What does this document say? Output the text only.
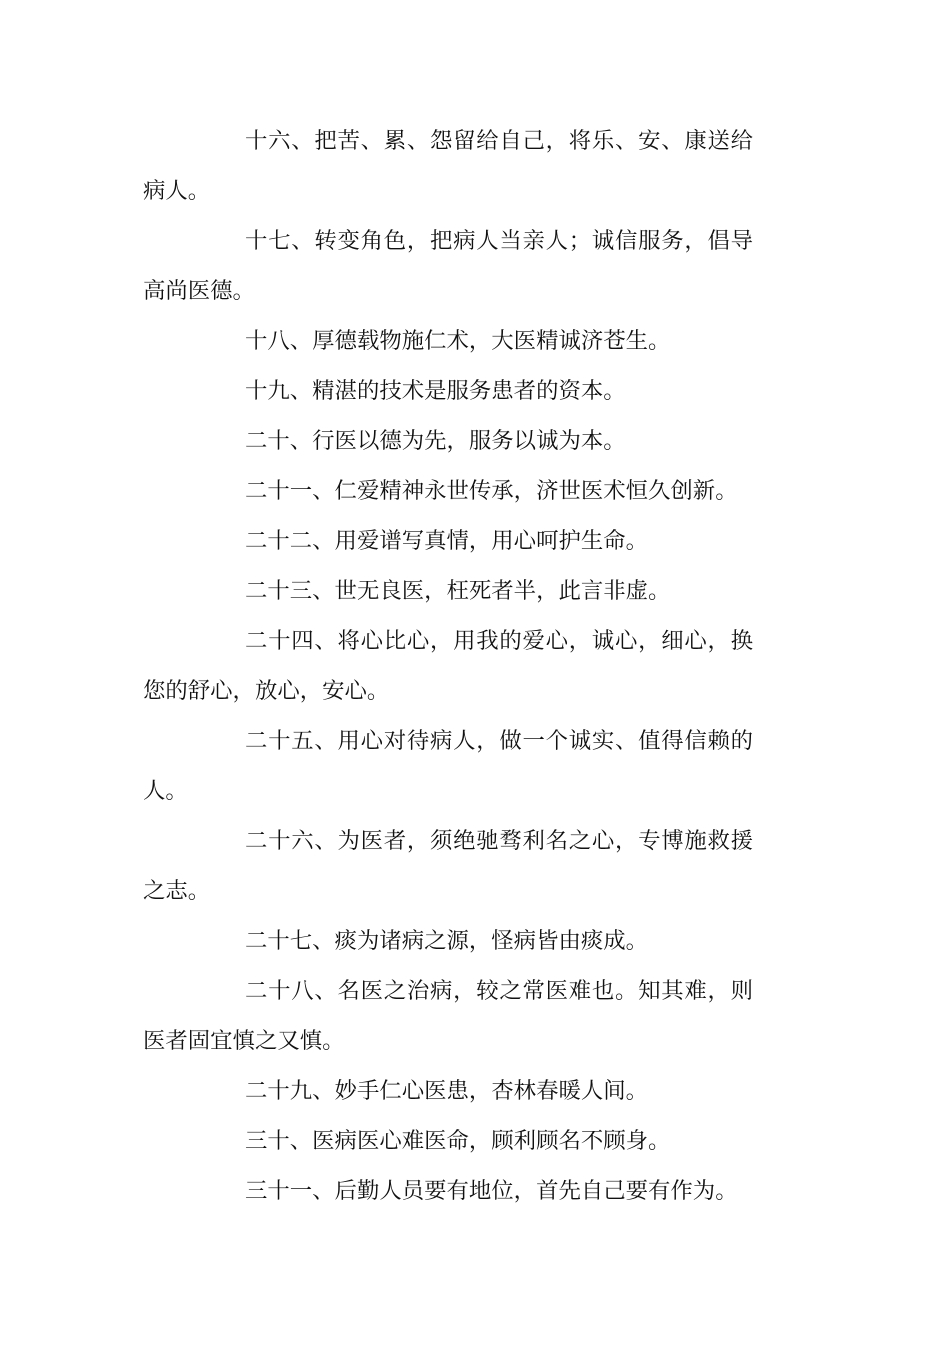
十六、把苦、累、怨留给自己，将乐、安、康送给病人。

十七、转变角色，把病人当亲人；诚信服务，倡导高尚医德。

十八、厚德载物施仁术，大医精诚济苍生。

十九、精湛的技术是服务患者的资本。

二十、行医以德为先，服务以诚为本。

二十一、仁爱精神永世传承，济世医术恒久创新。

二十二、用爱谱写真情，用心呵护生命。

二十三、世无良医，枉死者半，此言非虚。

二十四、将心比心，用我的爱心，诚心，细心，换您的舒心，放心，安心。

二十五、用心对待病人，做一个诚实、值得信赖的人。

二十六、为医者，须绝驰骛利名之心，专博施救援之志。

二十七、痰为诸病之源，怪病皆由痰成。

二十八、名医之治病，较之常医难也。知其难，则医者固宜慎之又慎。

二十九、妙手仁心医患，杏林春暖人间。

三十、医病医心难医命，顾利顾名不顾身。

三十一、后勤人员要有地位，首先自己要有作为。
